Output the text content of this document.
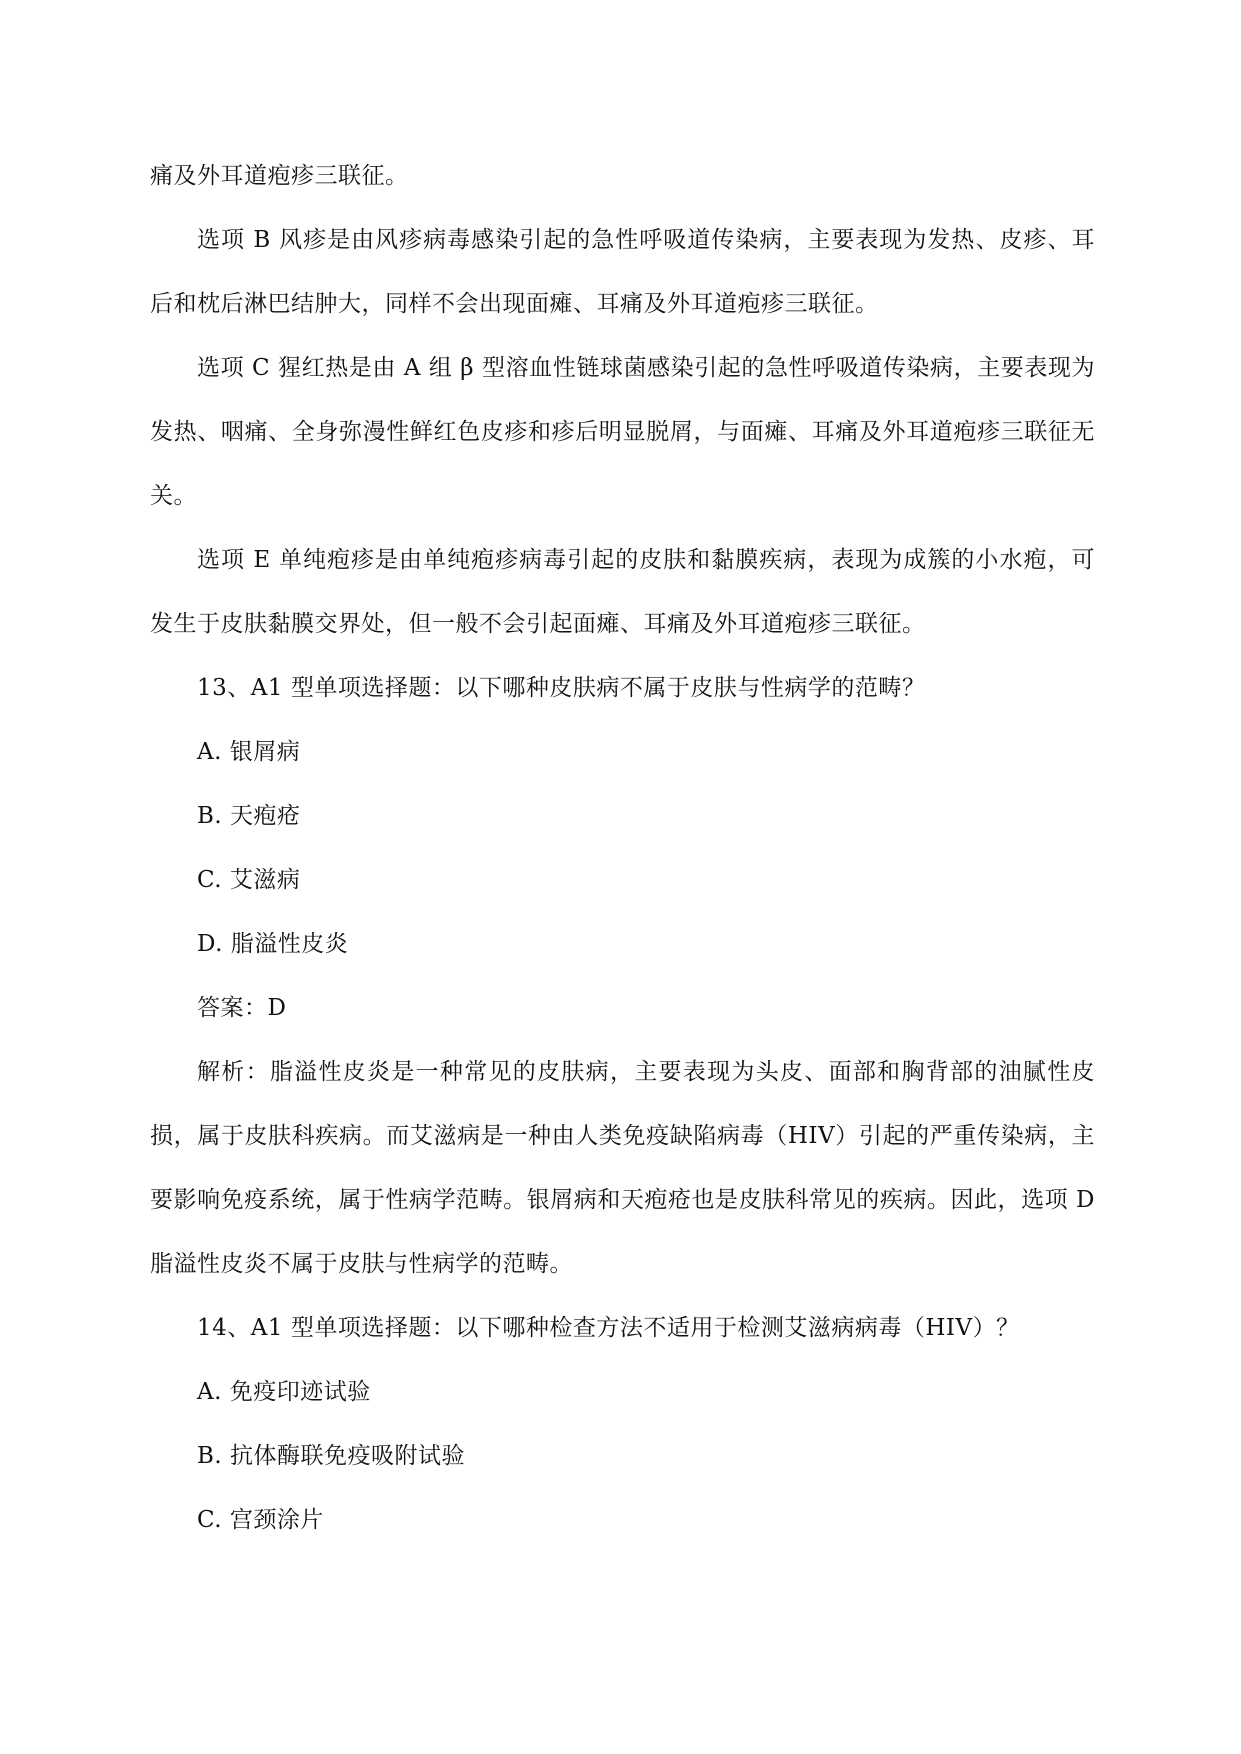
痛及外耳道疱疹三联征。

选项 B 风疹是由风疹病毒感染引起的急性呼吸道传染病，主要表现为发热、皮疹、耳后和枕后淋巴结肿大，同样不会出现面瘫、耳痛及外耳道疱疹三联征。

选项 C 猩红热是由 A 组 β 型溶血性链球菌感染引起的急性呼吸道传染病，主要表现为发热、咽痛、全身弥漫性鲜红色皮疹和疹后明显脱屑，与面瘫、耳痛及外耳道疱疹三联征无关。

选项 E 单纯疱疹是由单纯疱疹病毒引起的皮肤和黏膜疾病，表现为成簇的小水疱，可发生于皮肤黏膜交界处，但一般不会引起面瘫、耳痛及外耳道疱疹三联征。

13、A1 型单项选择题：以下哪种皮肤病不属于皮肤与性病学的范畴？

A. 银屑病

B. 天疱疮

C. 艾滋病

D. 脂溢性皮炎

答案：D

解析：脂溢性皮炎是一种常见的皮肤病，主要表现为头皮、面部和胸背部的油腻性皮损，属于皮肤科疾病。而艾滋病是一种由人类免疫缺陷病毒（HIV）引起的严重传染病，主要影响免疫系统，属于性病学范畴。银屑病和天疱疮也是皮肤科常见的疾病。因此，选项 D 脂溢性皮炎不属于皮肤与性病学的范畴。

14、A1 型单项选择题：以下哪种检查方法不适用于检测艾滋病病毒（HIV）？

A. 免疫印迹试验

B. 抗体酶联免疫吸附试验

C. 宫颈涂片
